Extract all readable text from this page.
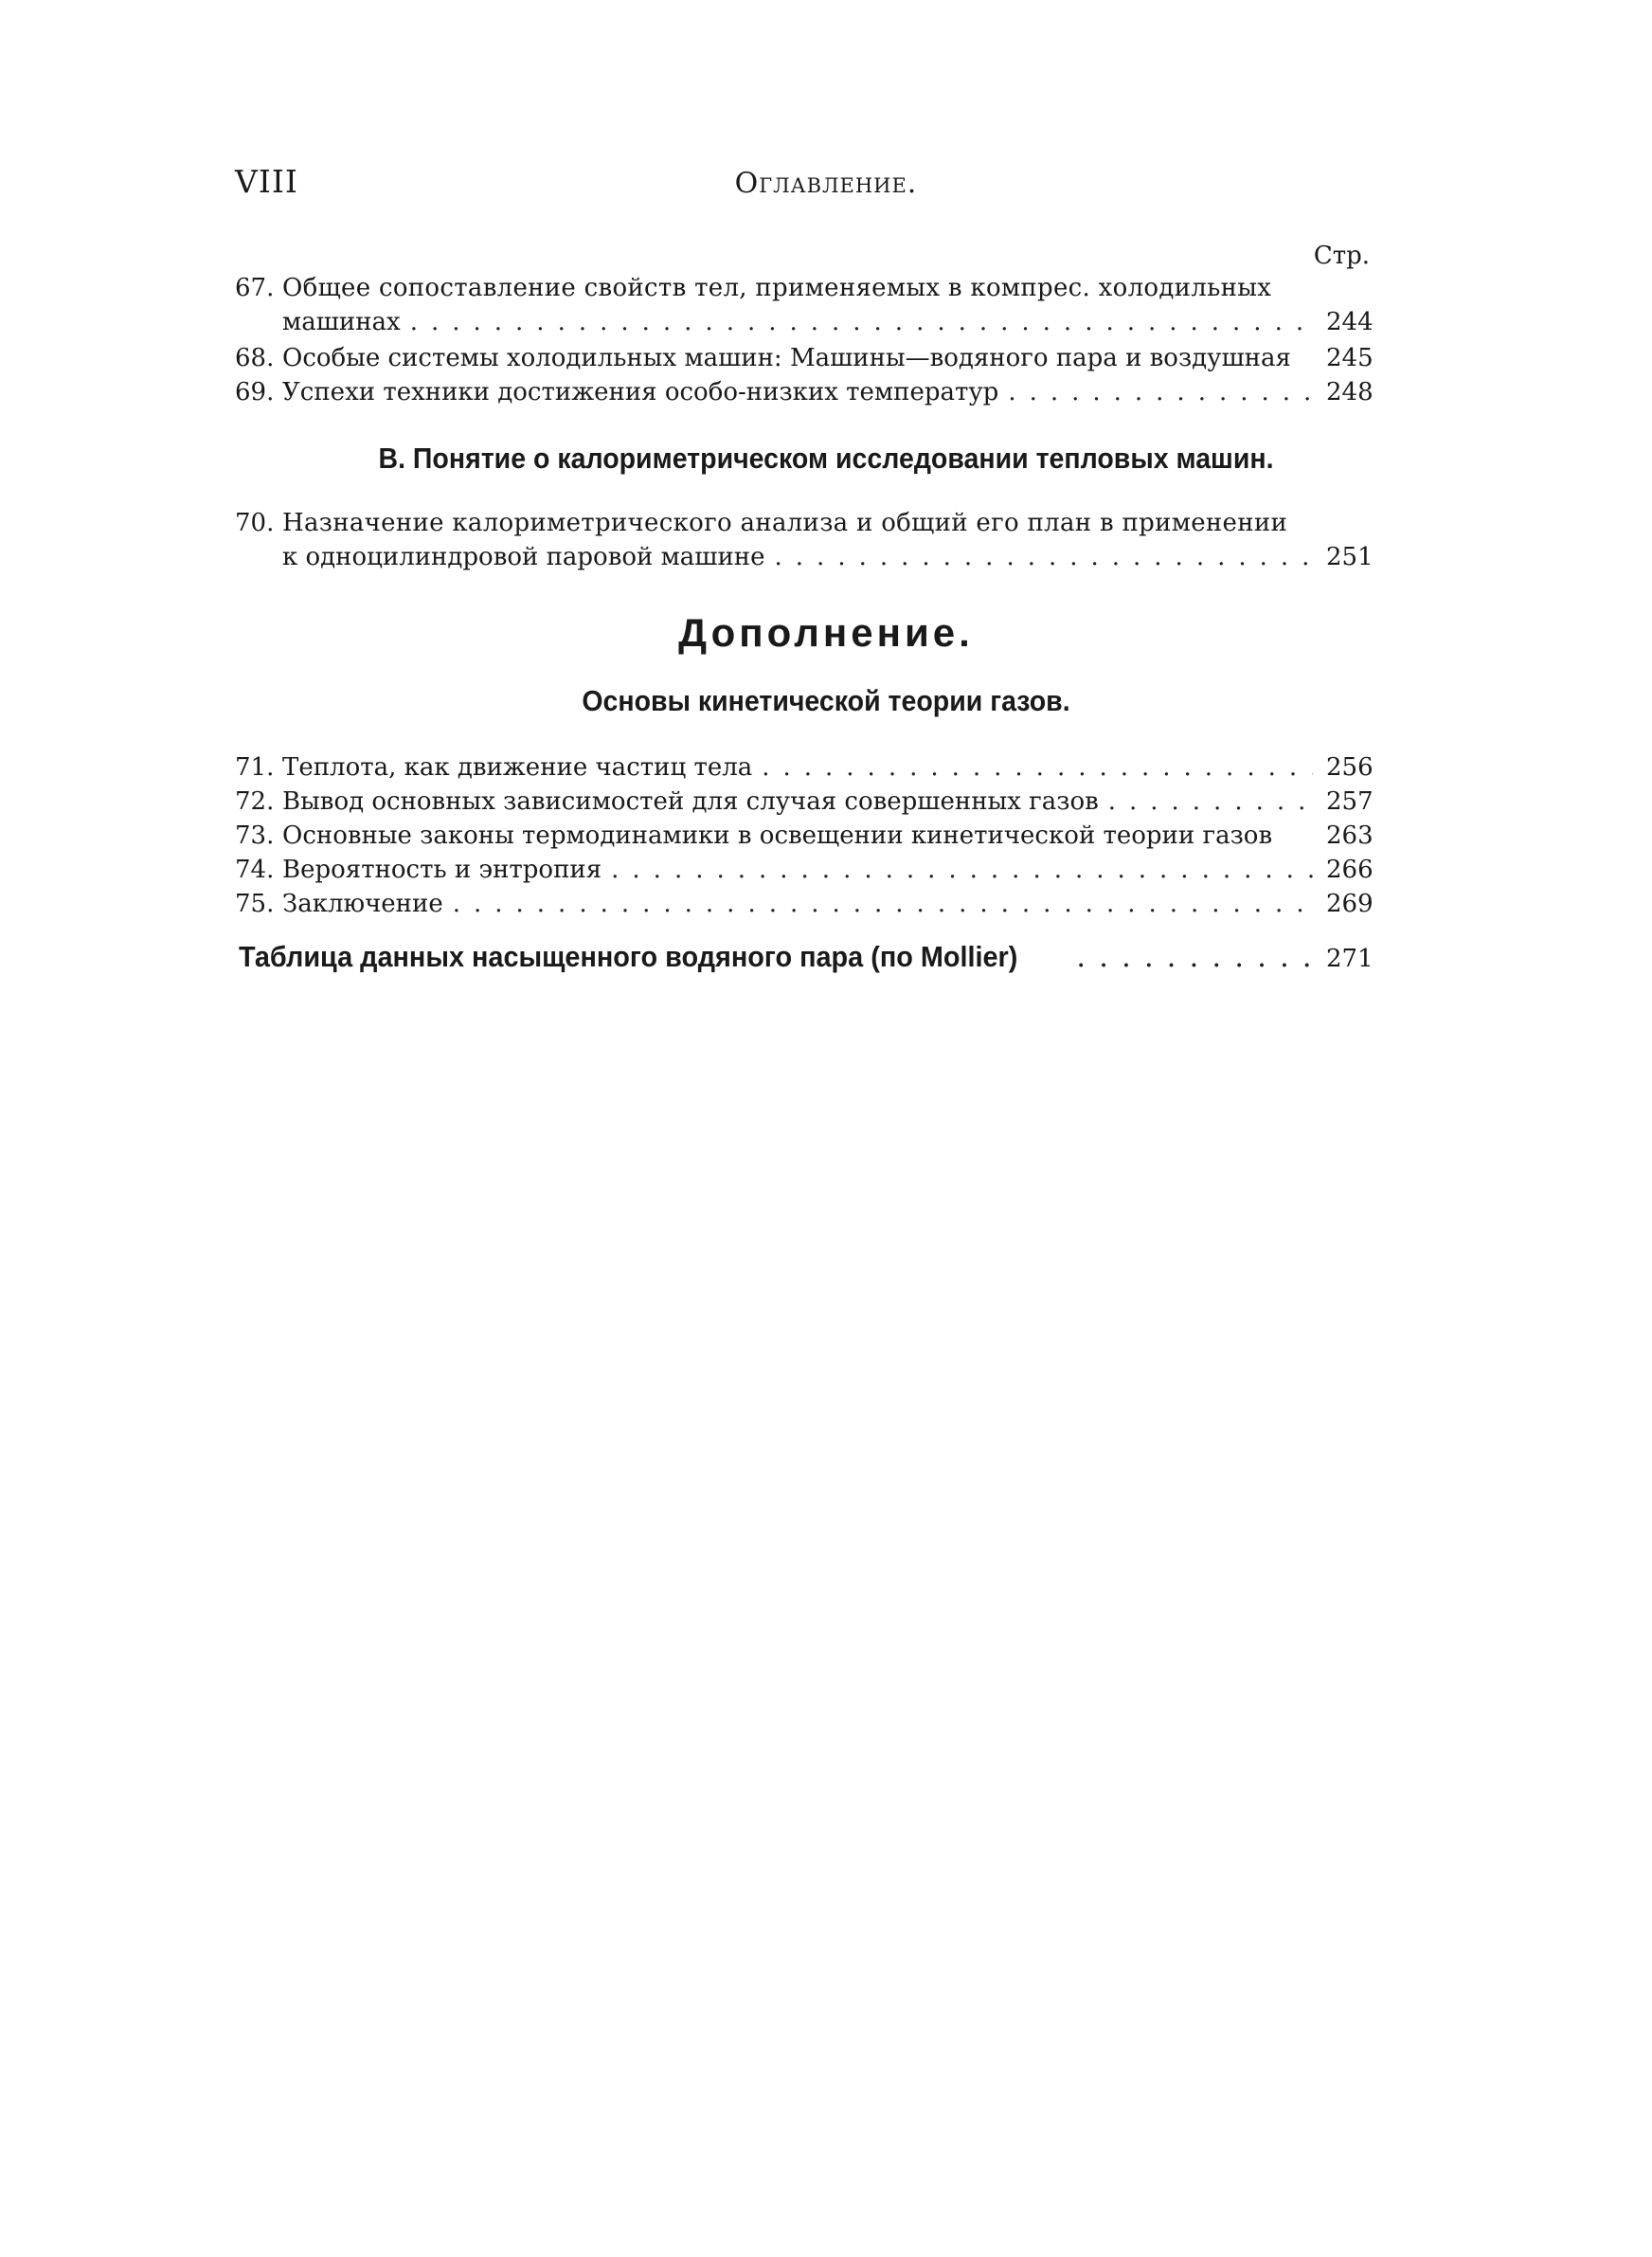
VIII	Оглавление.
Стр.
67. Общее сопоставление свойств тел, применяемых в компрес. холодильных
машинах .....	244
68. Особые системы холодильных машин: Машины—водяного пара и воздушная 245
69. Успехи техники достижения особо-низких температур .....	248
В. Понятие о калориметрическом исследовании тепловых машин.
70. Назначение калориметрического анализа и общий его план в применении
к одноцилиндровой паровой машине .....	251
Дополнение.
Основы кинетической теории газов.
71. Теплота, как движение частиц тела .....	256
72. Вывод основных зависимостей для случая совершенных газов .....	257
73. Основные законы термодинамики в освещении кинетической теории газов 263
74. Вероятность и энтропия .....	266
75. Заключение .....	269
Таблица данных насыщенного водяного пара (по Mollier) .....	271
